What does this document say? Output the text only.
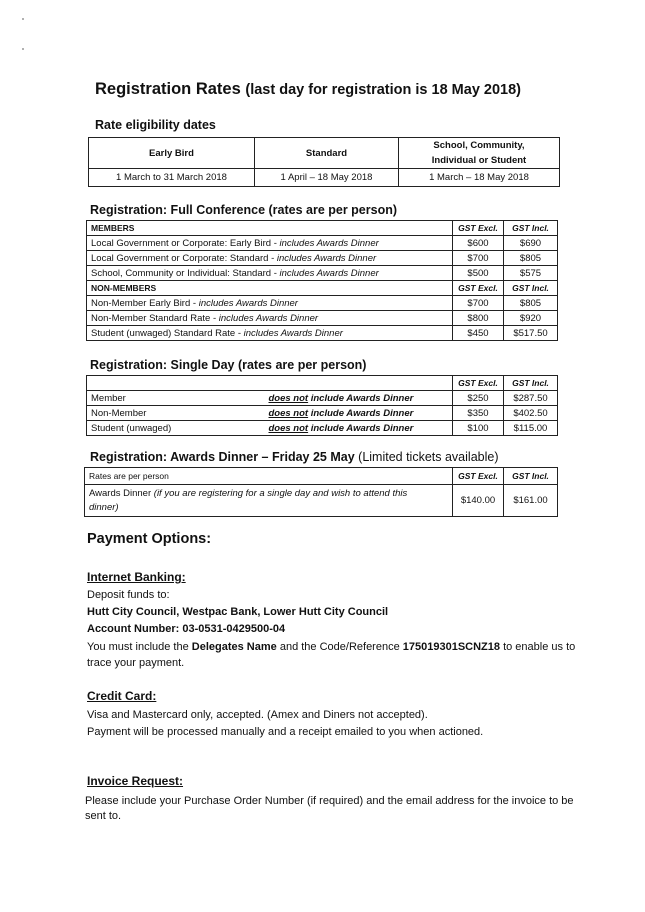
Registration Rates (last day for registration is 18 May 2018)
Rate eligibility dates
Early Bird	Standard	School, Community,
Individual or Student
1 March to 31 March 2018	1 April – 18 May 2018	1 March – 18 May 2018
Registration: Full Conference (rates are per person)
MEMBERS	GST Excl.	GST Incl.
Local Government or Corporate: Early Bird - includes Awards Dinner	$600	$690
Local Government or Corporate: Standard - includes Awards Dinner	$700	$805
School, Community or Individual: Standard - includes Awards Dinner	$500	$575
NON-MEMBERS	GST Excl.	GST Incl.
Non-Member Early Bird - includes Awards Dinner	$700	$805
Non-Member Standard Rate - includes Awards Dinner	$800	$920
Student (unwaged) Standard Rate - includes Awards Dinner	$450	$517.50
Registration: Single Day (rates are per person)
		GST Excl.	GST Incl.
Member	does not include Awards Dinner	$250	$287.50
Non-Member	does not include Awards Dinner	$350	$402.50
Student (unwaged)	does not include Awards Dinner	$100	$115.00
Registration: Awards Dinner – Friday 25 May (Limited tickets available)
Rates are per person	GST Excl.	GST Incl.
Awards Dinner (if you are registering for a single day and wish to attend this
dinner)	$140.00	$161.00
Payment Options:

Internet Banking:

Deposit funds to:

Hutt City Council, Westpac Bank, Lower Hutt City Council

Account Number: 03-0531-0429500-04

You must include the Delegates Name and the Code/Reference 175019301SCNZ18 to enable us to

trace your payment.

Credit Card:

Visa and Mastercard only, accepted. (Amex and Diners not accepted).

Payment will be processed manually and a receipt emailed to you when actioned.

Invoice Request:

Please include your Purchase Order Number (if required) and the email address for the invoice to be

sent to.
